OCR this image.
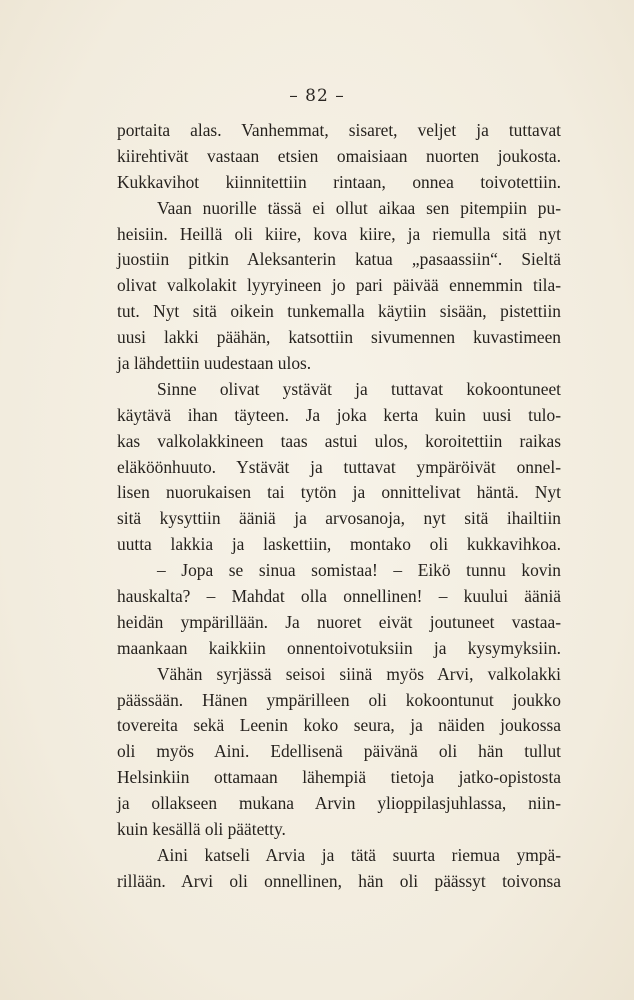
– 82 –
portaita alas. Vanhemmat, sisaret, veljet ja tuttavat
kiirehtivät vastaan etsien omaisiaan nuorten joukosta.
Kukkavihot kiinnitettiin rintaan, onnea toivotettiin.
Vaan nuorille tässä ei ollut aikaa sen pitempiin pu-
heisiin. Heillä oli kiire, kova kiire, ja riemulla sitä nyt
juostiin pitkin Aleksanterin katua „pasaassiin“. Sieltä
olivat valkolakit lyyryineen jo pari päivää ennemmin tila-
tut. Nyt sitä oikein tunkemalla käytiin sisään, pistettiin
uusi lakki päähän, katsottiin sivumennen kuvastimeen
ja lähdettiin uudestaan ulos.
Sinne olivat ystävät ja tuttavat kokoontuneet
käytävä ihan täyteen. Ja joka kerta kuin uusi tulo-
kas valkolakkineen taas astui ulos, koroitettiin raikas
eläköönhuuto. Ystävät ja tuttavat ympäröivät onnel-
lisen nuorukaisen tai tytön ja onnittelivat häntä. Nyt
sitä kysyttiin ääniä ja arvosanoja, nyt sitä ihailtiin
uutta lakkia ja laskettiin, montako oli kukkavihkoa.
– Jopa se sinua somistaa! – Eikö tunnu kovin
hauskalta? – Mahdat olla onnellinen! – kuului ääniä
heidän ympärillään. Ja nuoret eivät joutuneet vastaa-
maankaan kaikkiin onnentoivotuksiin ja kysymyksiin.
Vähän syrjässä seisoi siinä myös Arvi, valkolakki
päässään. Hänen ympärilleen oli kokoontunut joukko
tovereita sekä Leenin koko seura, ja näiden joukossa
oli myös Aini. Edellisenä päivänä oli hän tullut
Helsinkiin ottamaan lähempiä tietoja jatko-opistosta
ja ollakseen mukana Arvin ylioppilasjuhlassa, niin-
kuin kesällä oli päätetty.
Aini katseli Arvia ja tätä suurta riemua ympä-
rillään. Arvi oli onnellinen, hän oli päässyt toivonsa
